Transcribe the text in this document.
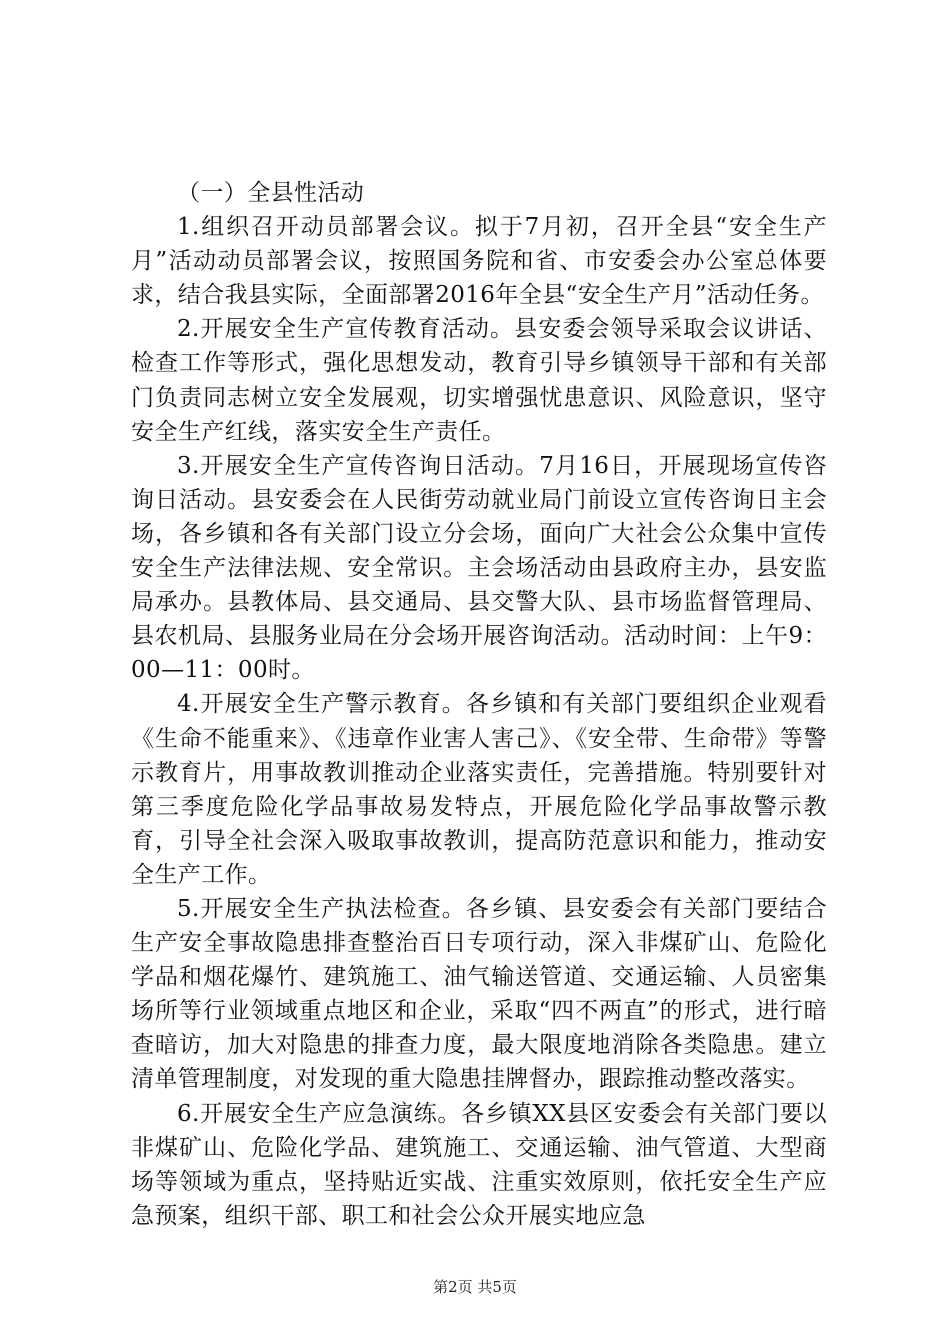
（一）全县性活动

1.组织召开动员部署会议。拟于7月初，召开全县“安全生产月”活动动员部署会议，按照国务院和省、市安委会办公室总体要求，结合我县实际，全面部署2016年全县“安全生产月”活动任务。

2.开展安全生产宣传教育活动。县安委会领导采取会议讲话、检查工作等形式，强化思想发动，教育引导乡镇领导干部和有关部门负责同志树立安全发展观，切实增强忧患意识、风险意识，坚守安全生产红线，落实安全生产责任。

3.开展安全生产宣传咨询日活动。7月16日，开展现场宣传咨询日活动。县安委会在人民街劳动就业局门前设立宣传咨询日主会场，各乡镇和各有关部门设立分会场，面向广大社会公众集中宣传安全生产法律法规、安全常识。主会场活动由县政府主办，县安监局承办。县教体局、县交通局、县交警大队、县市场监督管理局、县农机局、县服务业局在分会场开展咨询活动。活动时间：上午9：00—11：00时。

4.开展安全生产警示教育。各乡镇和有关部门要组织企业观看《生命不能重来》、《违章作业害人害己》、《安全带、生命带》等警示教育片，用事故教训推动企业落实责任，完善措施。特别要针对第三季度危险化学品事故易发特点，开展危险化学品事故警示教育，引导全社会深入吸取事故教训，提高防范意识和能力，推动安全生产工作。

5.开展安全生产执法检查。各乡镇、县安委会有关部门要结合生产安全事故隐患排查整治百日专项行动，深入非煤矿山、危险化学品和烟花爆竹、建筑施工、油气输送管道、交通运输、人员密集场所等行业领域重点地区和企业，采取“四不两直”的形式，进行暗查暗访，加大对隐患的排查力度，最大限度地消除各类隐患。建立清单管理制度，对发现的重大隐患挂牌督办，跟踪推动整改落实。

6.开展安全生产应急演练。各乡镇XX县区安委会有关部门要以非煤矿山、危险化学品、建筑施工、交通运输、油气管道、大型商场等领域为重点，坚持贴近实战、注重实效原则，依托安全生产应急预案，组织干部、职工和社会公众开展实地应急

第2页 共5页
